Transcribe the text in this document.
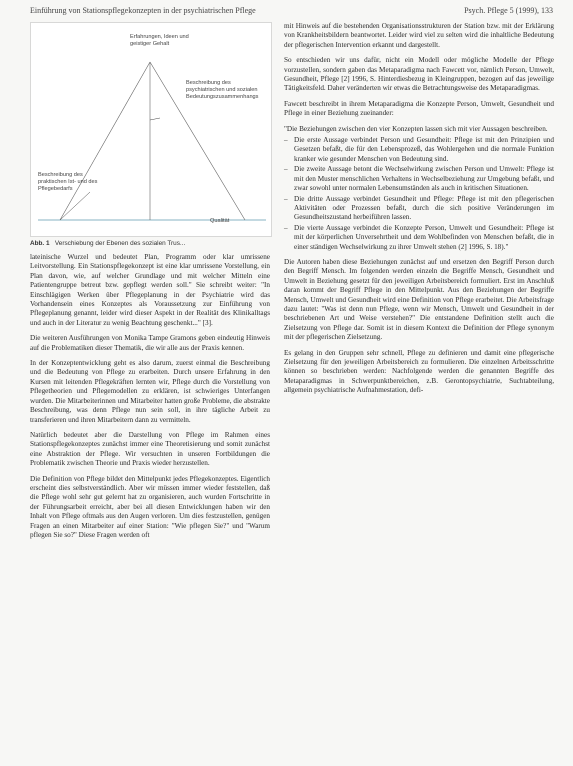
Einführung von Stationspflegekonzepten in der psychiatrischen Pflege	Psych. Pflege 5 (1999), 133
Erfahrungen, Ideen und geistiger Gehalt
Beschreibung des psychiatrischen und sozialen Bedeutungszusammenhangs
Beschreibung des praktischen Ist- und des Pflegebedarfs
Qualität
Abb. 1 Verschiebung der Ebenen des sozialen Trus...

lateinische Wurzel und bedeutet Plan, Programm oder klar umrissene Leitvorstellung. Ein Stationspflegekonzept ist eine klar umrissene Vorstellung, ein Plan davon, wie, auf welcher Grundlage und mit welcher Mitteln eine Patientengruppe betreut bzw. gepflegt werden soll." Sie schreibt weiter: "In Einschlägigen Werken über Pflegeplanung in der Psychiatrie wird das Vorhandensein eines Konzeptes als Voraussetzung zur Einführung von Pflegeplanung genannt, leider wird dieser Aspekt in der Realität des Klinikalltags und auch in der Literatur zu wenig Beachtung geschenkt..." [3].

Die weiteren Ausführungen von Monika Tampe Gramons geben eindeutig Hinweis auf die Problematiken dieser Thematik, die wir alle aus der Praxis kennen.

In der Konzeptentwicklung geht es also darum, zuerst einmal die Beschreibung und die Bedeutung von Pflege zu erarbeiten. Durch unsere Erfahrung in den Kursen mit leitenden Pflegekräften lernten wir, Pflege durch die Vorstellung von Pflegetheorien und Pflegemodellen zu erklären, ist schwieriges Unterfangen wurden. Die Mitarbeiterinnen und Mitarbeiter hatten große Probleme, die abstrakte Beschreibung, was denn Pflege nun sein soll, in ihre tägliche Arbeit zu transferieren und ihren Mitarbeitern dann zu vermitteln.

Natürlich bedeutet aber die Darstellung von Pflege im Rahmen eines Stationspflegekonzeptes zunächst immer eine Theoretisierung und somit zunächst eine Abstraktion der Pflege. Wir versuchten in unseren Fortbildungen die Problematik zwischen Theorie und Praxis wieder herzustellen.

Die Definition von Pflege bildet den Mittelpunkt jedes Pflegekonzeptes. Eigentlich erscheint dies selbstverständlich. Aber wir müssen immer wieder feststellen, daß die Pflege wohl sehr gut gelernt hat zu organisieren, auch wurden Fortschritte in der Führungsarbeit erreicht, aber bei all diesen Entwicklungen haben wir den Inhalt von Pflege oftmals aus den Augen verloren. Um dies festzustellen, genügen Fragen an einen Mitarbeiter auf einer Station: "Wie pflegen Sie?" und "Warum pflegen Sie so?" Diese Fragen werden oft

mit Hinweis auf die bestehenden Organisationsstrukturen der Station bzw. mit der Erklärung von Krankheitsbildern beantwortet. Leider wird viel zu selten wird die inhaltliche Bedeutung der pflegerischen Intervention erkannt und dargestellt.

So entschieden wir uns dafür, nicht ein Modell oder mögliche Modelle der Pflege vorzustellen, sondern gaben das Metaparadigma nach Fawcett vor, nämlich Person, Umwelt, Gesundheit, Pflege [2] 1996, S. Hinterdiesbezug in Kleingruppen, bezogen auf das jeweilige Tätigkeitsfeld. Daher veränderten wir etwas die Betrachtungsweise des Metaparadigmas.

Fawcett beschreibt in ihrem Metaparadigma die Konzepte Person, Umwelt, Gesundheit und Pflege in einer Beziehung zueinander:

"Die Beziehungen zwischen den vier Konzepten lassen sich mit vier Aussagen beschreiben.

– Die erste Aussage verbindet Person und Gesundheit: Pflege ist mit den Prinzipien und Gesetzen befaßt, die für den Lebensprozeß, das Wohlergehen und die normale Funktion kranker wie gesunder Menschen von Bedeutung sind.
– Die zweite Aussage betont die Wechselwirkung zwischen Person und Umwelt: Pflege ist mit den Muster menschlichen Verhaltens in Wechselbeziehung zur Umgebung befaßt, und zwar sowohl unter normalen Lebensumständen als auch in kritischen Situationen.
– Die dritte Aussage verbindet Gesundheit und Pflege: Pflege ist mit den pflegerischen Aktivitäten oder Prozessen befaßt, durch die sich positive Veränderungen im Gesundheitszustand herbeiführen lassen.
– Die vierte Aussage verbindet die Konzepte Person, Umwelt und Gesundheit: Pflege ist mit der körperlichen Unversehrtheit und dem Wohlbefinden von Menschen befaßt, die in einer ständigen Wechselwirkung zu ihrer Umwelt stehen (2] 1996, S. 18)."

Die Autoren haben diese Beziehungen zunächst auf und ersetzen den Begriff Person durch den Begriff Mensch. Im folgenden werden einzeln die Begriffe Mensch, Gesundheit und Umwelt in Beziehung gesetzt für den jeweiligen Arbeitsbereich formuliert. Erst im Anschluß daran kommt der Begriff Pflege in den Mittelpunkt. Aus den Beziehungen der Begriffe Mensch, Umwelt und Gesundheit wird eine Definition von Pflege erarbeitet. Die Arbeitsfrage dazu lautet: "Was ist denn nun Pflege, wenn wir Mensch, Umwelt und Gesundheit in der beschriebenen Art und Weise verstehen?" Die entstandene Definition stellt auch die Zielsetzung von Pflege dar. Somit ist in diesem Kontext die Definition der Pflege synonym mit der pflegerischen Zielsetzung.

Es gelang in den Gruppen sehr schnell, Pflege zu definieren und damit eine pflegerische Zielsetzung für den jeweiligen Arbeitsbereich zu formulieren. Die einzelnen Arbeitsschritte können so beschrieben werden: Nachfolgende werden die genannten Begriffe des Metaparadigmas in Schwerpunktbereichen, z.B. Gerontopsychiatrie, Suchtabteilung, allgemein psychiatrische Aufnahmestation, defi-
